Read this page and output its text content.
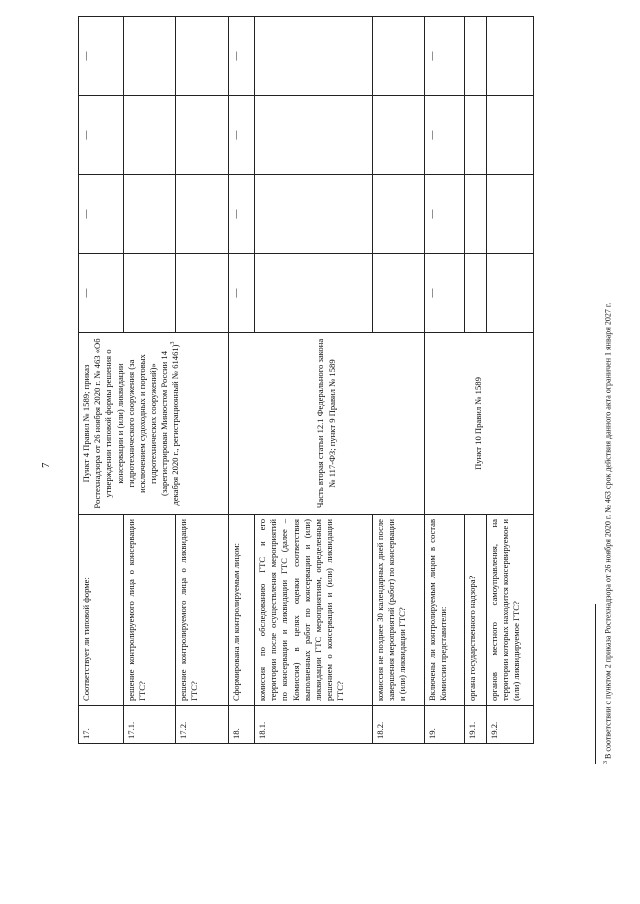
7
17.	Соответствует ли типовой форме:	Пункт 4 Правил № 1589; приказ Ростехнадзора от 26 ноября 2020 г. № 463 «Об утверждении типовой формы решения о консервации и (или) ликвидации гидротехнического сооружения (за исключением судоходных и портовых гидротехнических сооружений)» (зарегистрирован Минюстом России 14 декабря 2020 г., регистрационный № 61461)$^3$	—	—	—	—
17.1.	решение контролируемого лица о консервации ГТС?					
17.2.	решение контролируемого лица о ликвидации ГТС?					
18.	Сформирована ли контролируемым лицом:	Часть вторая статьи 12.1 Федерального закона № 117-ФЗ; пункт 9 Правил № 1589	—	—	—	—
18.1.	комиссия по обследованию ГТС и его территории после осуществления мероприятий по консервации и ликвидации ГТС (далее – Комиссия) в целях оценки соответствия выполненных работ по консервации и (или) ликвидации ГТС мероприятиям, определенным решением о консервации и (или) ликвидации ГТС?					
18.2.	комиссия не позднее 30 календарных дней после завершения мероприятий (работ) по консервации и (или) ликвидации ГТС?					
19.	Включены ли контролируемым лицом в состав Комиссии представители:	Пункт 10 Правил № 1589	—	—	—	—
19.1.	органа государственного надзора?					
19.2.	органов местного самоуправления, на территории которых находится консервируемое и (или) ликвидируемое ГТС?					
$^3$ В соответствии с пунктом 2 приказа Ростехнадзора от 26 ноября 2020 г. № 463 срок действия данного акта ограничен 1 января 2027 г.
